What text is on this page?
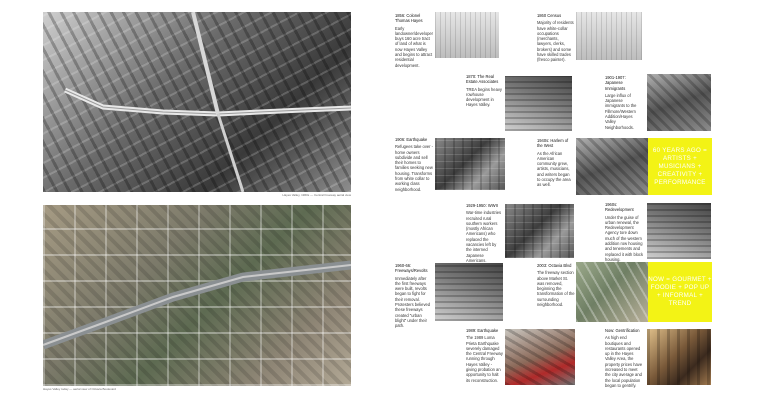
Hayes Valley, 1960s — Central Freeway aerial view
Hayes Valley today — aerial view of Octavia Boulevard
1856: Colonel Thomas Hayes
Early landowner/developer buys 160 acre tract of land of what is now Hayes Valley and begins to attract residential development.
1860 Census
Majority of residents have white-collar occupations (merchants, lawyers, clerks, brokers) and some have skilled trades (fresco painter).
1870: The Real Estate Associates
TREA begins heavy rowhouse development in Hayes Valley.
1901-1907: Japanese Immigrants
Large influx of Japanese immigrants to the Fillmore/Western Addition/Hayes Valley Neighborhoods.
1906: Earthquake
Refugees take over - home owners subdivide and sell their homes to families seeking new housing. Transforms from white collar to working class neighborhood.
1940s: Harlem of the West
As the African American community grew, artists, musicians, and writers began to occupy the area as well.
60 YEARS AGO = ARTISTS + MUSICIANS + CREATIVITY + PERFORMANCE
1929-1950: WWII
War-time industries recruited rural southern workers (mostly African Americans) who replaced the vacancies left by the interned Japanese Americans.
1960s: Redevelopment
Under the guise of urban renewal, the Redevelopment Agency tore down much of the western addition row housing and tenements and replaced it with block housing.
1960-66: Freeways/Revolts
Immediately after the first freeways were built, revolts began to fight for their removal. Protesters believed these freeways created "urban blight" under their path.
2003: Octavia Blvd
The freeway section above Market St. was removed, beginning the transformation of the surrounding neighborhood.
NOW = GOURMET + FOODIE + POP UP + INFORMAL + TREND
1989: Earthquake
The 1989 Loma Prieta Earthquake severely damaged the Central Freeway running through Hayes Valley - giving probation an opportunity to halt its reconstruction.
Now: Gentrification
As high end boutiques and restaurants opened up in the Hayes Valley Area, the property prices have increased to meet the city average and the local population began to gentrify.
